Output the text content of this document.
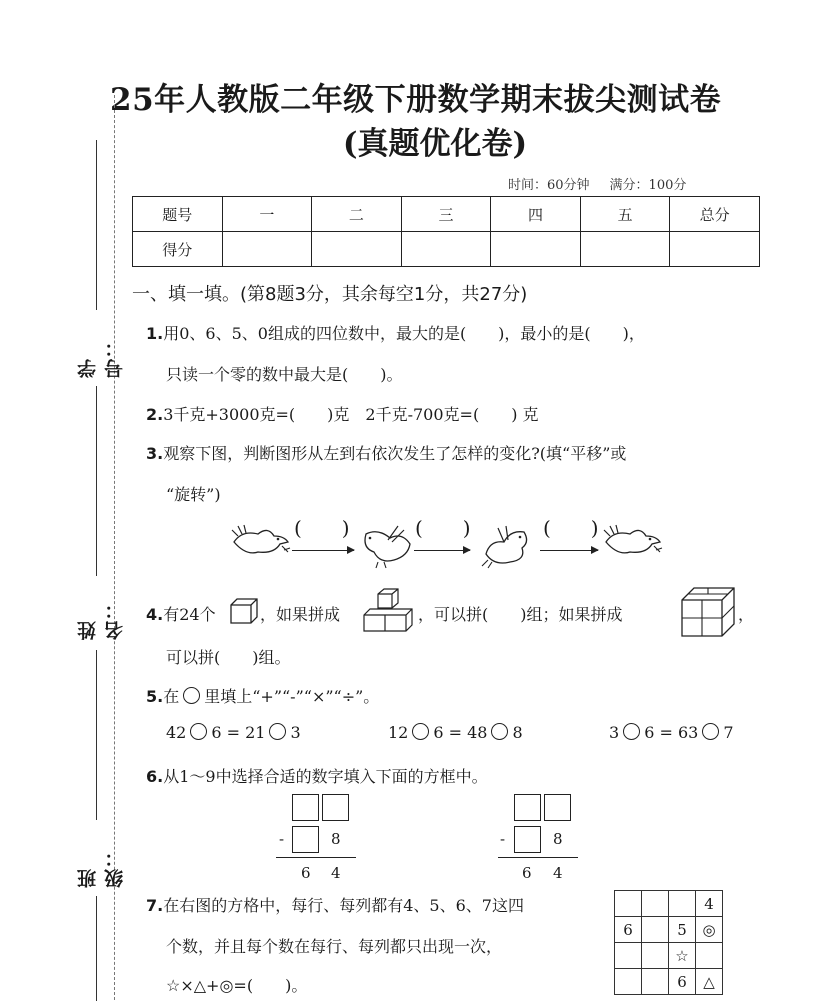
25年人教版二年级下册数学期末拔尖测试卷
(真题优化卷)
时间：60分钟 满分：100分
学号：
姓名：
班级：
题号	一	二	三	四	五	总分
得分						
一、填一填。(第8题3分，其余每空1分，共27分)
1.用0、6、5、0组成的四位数中，最大的是(　　)，最小的是(　　)，
只读一个零的数中最大是(　　)。
2.3千克+3000克=(　　)克　2千克-700克=(　　) 克
3.观察下图，判断图形从左到右依次发生了怎样的变化?(填“平移”或
“旋转”)
(　　)	(　　)	(　　)
4.有24个	，如果拼成	，可以拼(　　)组；如果拼成	，
可以拼(　　)组。
5.在 里填上“+”“-”“×”“÷”。
42 6 = 21 3	12 6 = 48 8	3 6 = 63 7
6.从1～9中选择合适的数字填入下面的方框中。
-	8
6 4
-	8
6 4
7.在右图的方格中，每行、每列都有4、5、6、7这四
个数，并且每个数在每行、每列都只出现一次，
☆×△+◎=(　　)。
			4
6		5	◎
		☆	
		6	△
